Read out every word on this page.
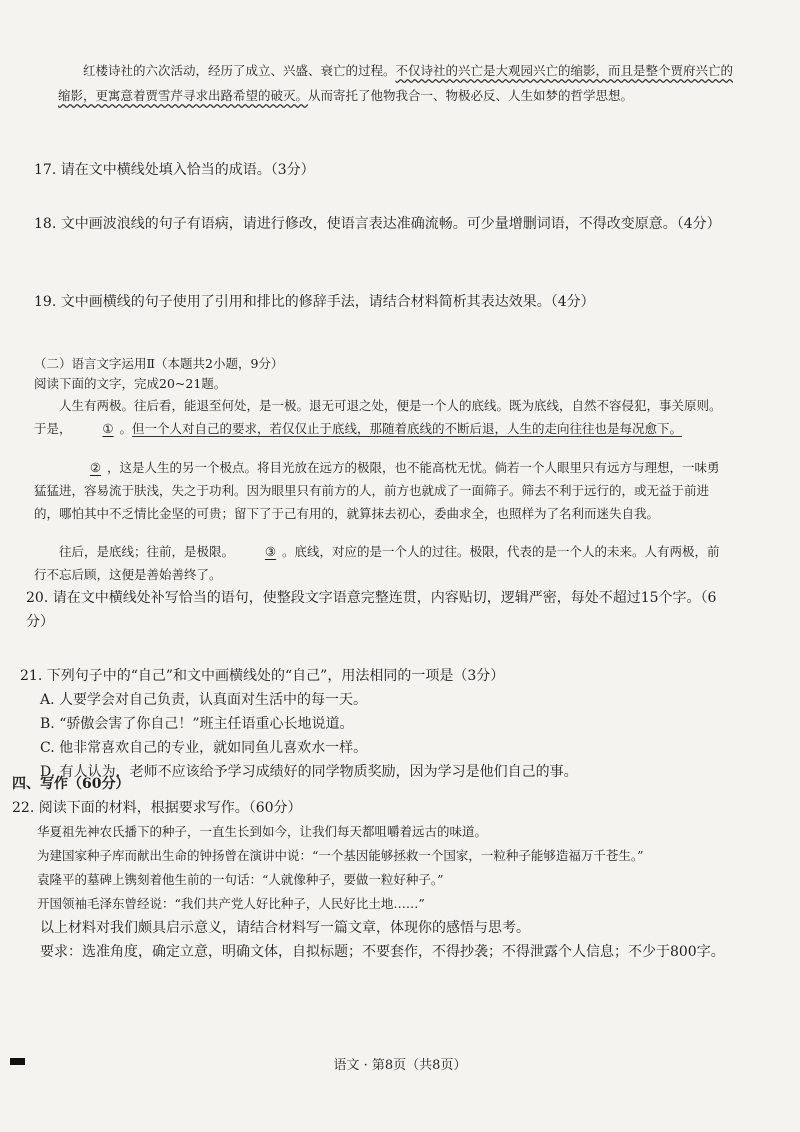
红楼诗社的六次活动，经历了成立、兴盛、衰亡的过程。不仅诗社的兴亡是大观园兴亡的缩影，而且是整个贾府兴亡的缩影，更寓意着贾雪芹寻求出路希望的破灭。从而寄托了他物我合一、物极必反、人生如梦的哲学思想。
17. 请在文中横线处填入恰当的成语。（3分）
18. 文中画波浪线的句子有语病，请进行修改，使语言表达准确流畅。可少量增删词语，不得改变原意。（4分）
19. 文中画横线的句子使用了引用和排比的修辞手法，请结合材料简析其表达效果。（4分）
（二）语言文字运用Ⅱ（本题共2小题，9分）
阅读下面的文字，完成20~21题。
人生有两极。往后看，能退至何处，是一极。退无可退之处，便是一个人的底线。既为底线，自然不容侵犯，事关原则。于是， ① 。但一个人对自己的要求，若仅仅止于底线，那随着底线的不断后退，人生的走向往往也是每况愈下。
② ，这是人生的另一个极点。将目光放在远方的极限，也不能高枕无忧。倘若一个人眼里只有远方与理想，一味勇猛猛进，容易流于肤浅，失之于功利。因为眼里只有前方的人，前方也就成了一面筛子。筛去不利于远行的，或无益于前进的，哪怕其中不乏情比金坚的可贵；留下了于己有用的，就算抹去初心，委曲求全，也照样为了名利而迷失自我。
往后，是底线；往前，是极限。 ③ 。底线，对应的是一个人的过往。极限，代表的是一个人的未来。人有两极，前行不忘后顾，这便是善始善终了。
20. 请在文中横线处补写恰当的语句，使整段文字语意完整连贯，内容贴切，逻辑严密，每处不超过15个字。（6分）
21. 下列句子中的“自己”和文中画横线处的“自己”，用法相同的一项是（3分）
A. 人要学会对自己负责，认真面对生活中的每一天。
B. “骄傲会害了你自己！”班主任语重心长地说道。
C. 他非常喜欢自己的专业，就如同鱼儿喜欢水一样。
D. 有人认为，老师不应该给予学习成绩好的同学物质奖励，因为学习是他们自己的事。
四、写作（60分）
22. 阅读下面的材料，根据要求写作。（60分）
华夏祖先神农氏播下的种子，一直生长到如今，让我们每天都咀嚼着远古的味道。
为建国家种子库而献出生命的钟扬曾在演讲中说：“一个基因能够拯救一个国家，一粒种子能够造福万千苍生。”
袁隆平的墓碑上镌刻着他生前的一句话：“人就像种子，要做一粒好种子。”
开国领袖毛泽东曾经说：“我们共产党人好比种子，人民好比土地……”
以上材料对我们颇具启示意义，请结合材料写一篇文章，体现你的感悟与思考。
要求：选准角度，确定立意，明确文体，自拟标题；不要套作，不得抄袭；不得泄露个人信息；不少于800字。
语文 · 第8页（共8页）
